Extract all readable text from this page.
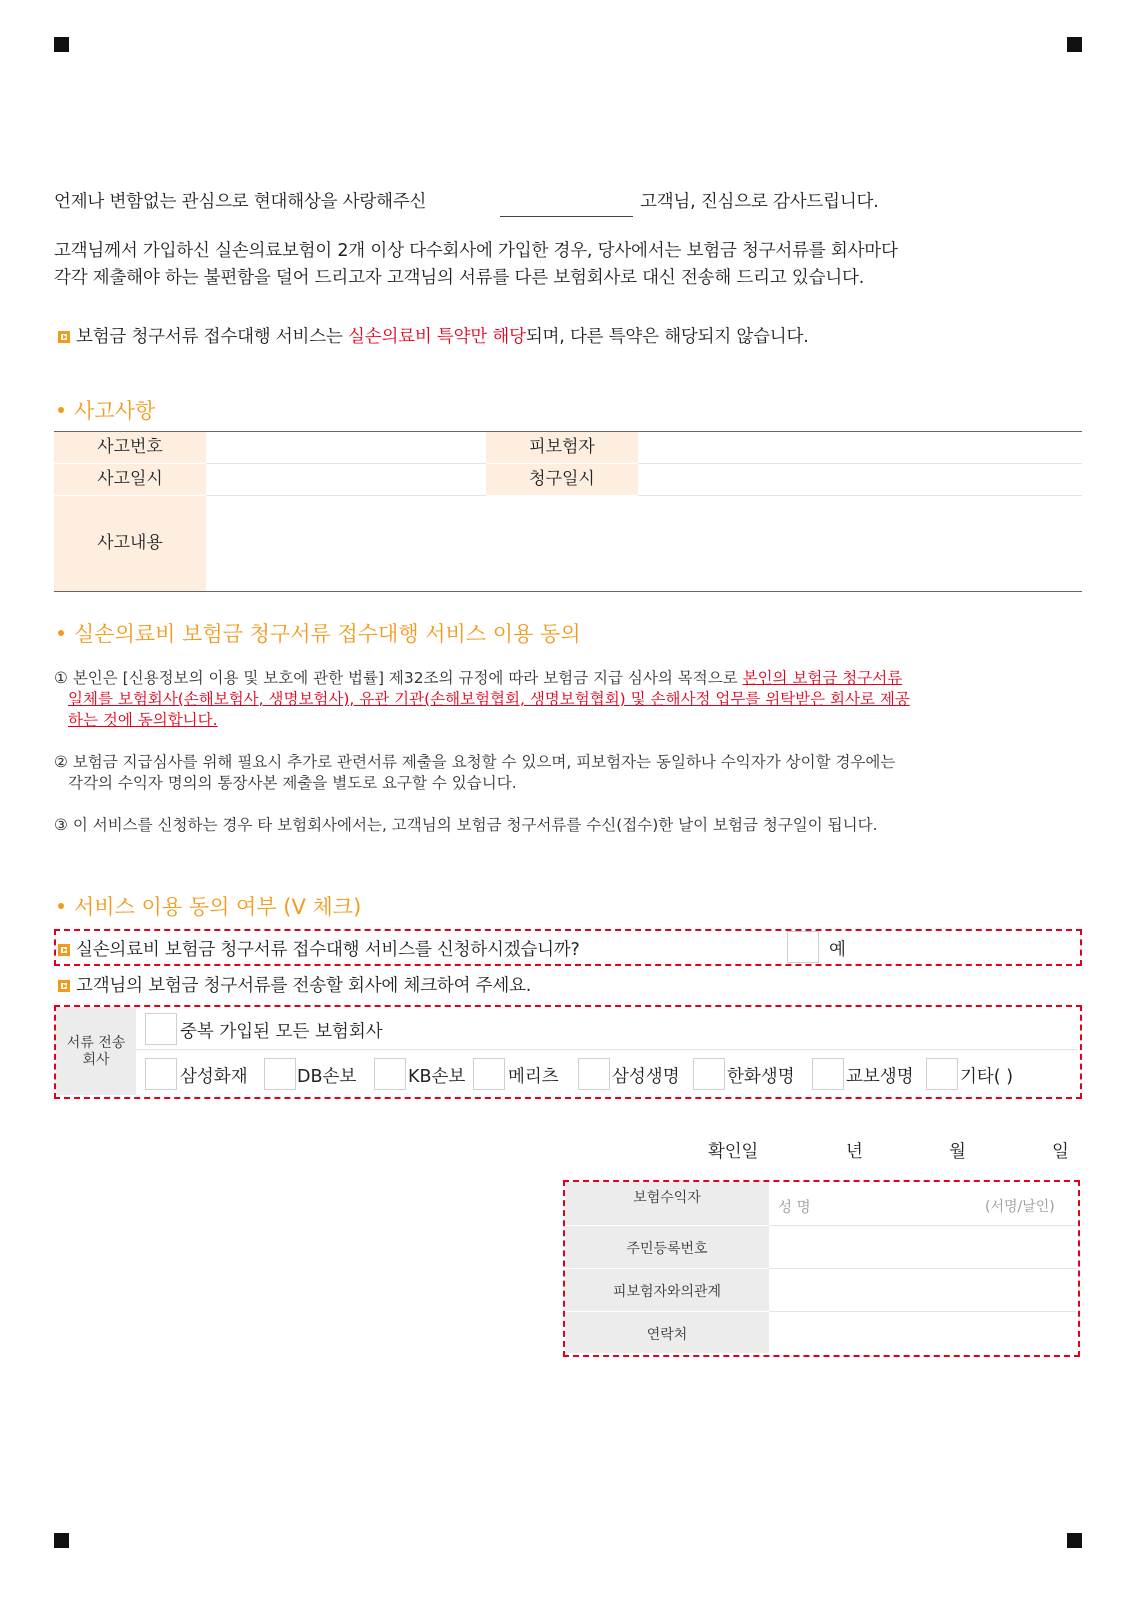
언제나 변함없는 관심으로 현대해상을 사랑해주신	고객님, 진심으로 감사드립니다.
고객님께서 가입하신 실손의료보험이 2개 이상 다수회사에 가입한 경우, 당사에서는 보험금 청구서류를 회사마다
각각 제출해야 하는 불편함을 덜어 드리고자 고객님의 서류를 다른 보험회사로 대신 전송해 드리고 있습니다.
보험금 청구서류 접수대행 서비스는 실손의료비 특약만 해당되며, 다른 특약은 해당되지 않습니다.
사고사항
사고번호	피보험자
사고일시	청구일시
사고내용
실손의료비 보험금 청구서류 접수대행 서비스 이용 동의
① 본인은 [신용정보의 이용 및 보호에 관한 법률] 제32조의 규정에 따라 보험금 지급 심사의 목적으로 본인의 보험금 청구서류
일체를 보험회사(손해보험사, 생명보험사), 유관 기관(손해보험협회, 생명보험협회) 및 손해사정 업무를 위탁받은 회사로 제공
하는 것에 동의합니다.
② 보험금 지급심사를 위해 필요시 추가로 관련서류 제출을 요청할 수 있으며, 피보험자는 동일하나 수익자가 상이할 경우에는
각각의 수익자 명의의 통장사본 제출을 별도로 요구할 수 있습니다.
③ 이 서비스를 신청하는 경우 타 보험회사에서는, 고객님의 보험금 청구서류를 수신(접수)한 날이 보험금 청구일이 됩니다.
서비스 이용 동의 여부 (V 체크)
실손의료비 보험금 청구서류 접수대행 서비스를 신청하시겠습니까?	예
고객님의 보험금 청구서류를 전송할 회사에 체크하여 주세요.
서류 전송
회사
중복 가입된 모든 보험회사
삼성화재	DB손보	KB손보 메리츠	삼성생명	한화생명	교보생명	기타( )
확인일	년	월	일
보험수익자
성 명	(서명/날인)
주민등록번호
피보험자와의관계
연락처
